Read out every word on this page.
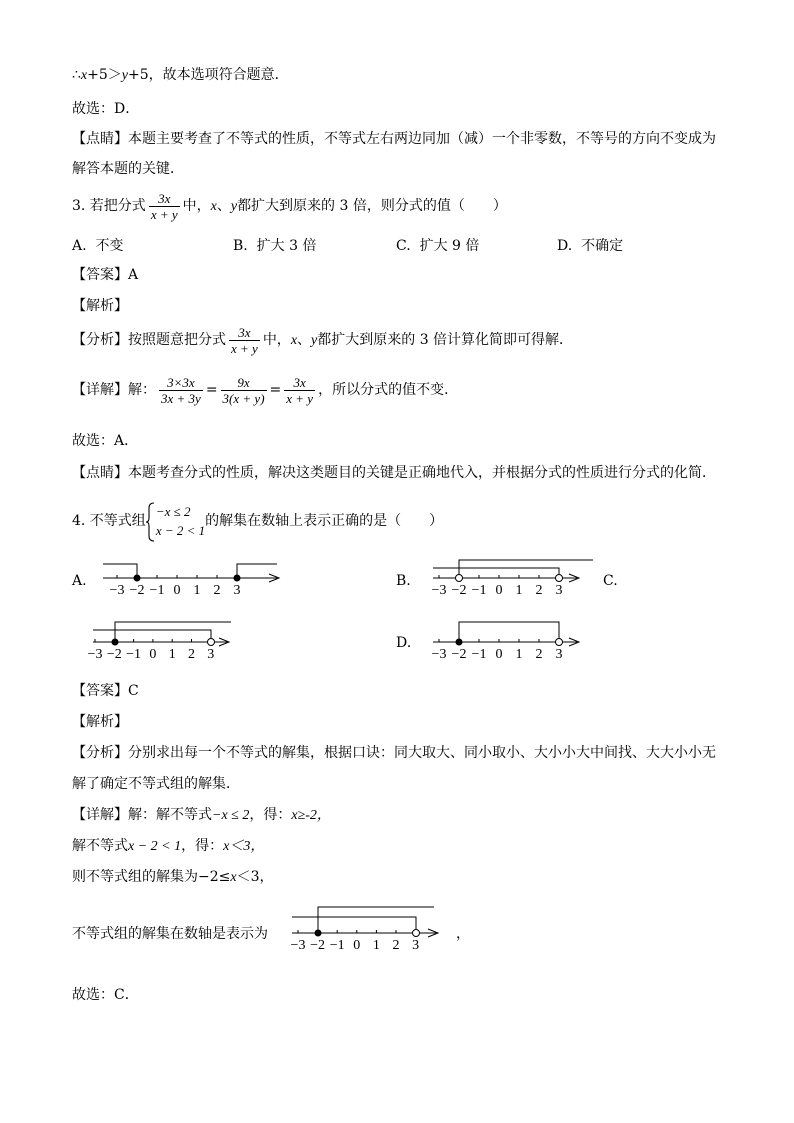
∴x+5＞y+5，故本选项符合题意．
故选：D．
【点睛】本题主要考查了不等式的性质，不等式左右两边同加（减）一个非零数，不等号的方向不变成为
解答本题的关键．
3. 若把分式 $\frac{3x}{x + y}$ 中，x、y都扩大到原来的 3 倍，则分式的值（　　）
A. 不变	B. 扩大 3 倍	C. 扩大 9 倍	D. 不确定
【答案】A
【解析】
【分析】按照题意把分式 $\frac{3x}{x + y}$ 中，x、y都扩大到原来的 3 倍计算化简即可得解．
【详解】解： $\frac{3\times 3x}{3x + 3y} = \frac{9x}{3(x + y)} = \frac{3x}{x + y}$ ，所以分式的值不变．
故选：A．
【点睛】本题考查分式的性质，解决这类题目的关键是正确地代入，并根据分式的性质进行分式的化简．
4. 不等式组
−x ≤ 2
x − 2 < 1
的解集在数轴上表示正确的是（　　）
A.
−3 −2 −1 0 1 2 3
B.
−3 −2 −1 0 1 2 3
C.
−3 −2 −1 0 1 2 3
D.
−3 −2 −1 0 1 2 3
【答案】C
【解析】
【分析】分别求出每一个不等式的解集，根据口诀：同大取大、同小取小、大小小大中间找、大大小小无
解了确定不等式组的解集．
【详解】解：解不等式−x ≤ 2，得：x≥-2，
解不等式x − 2 < 1，得：x＜3，
则不等式组的解集为−2≤x＜3，
不等式组的解集在数轴是表示为
−3 −2 −1 0 1 2 3
，
故选：C．
